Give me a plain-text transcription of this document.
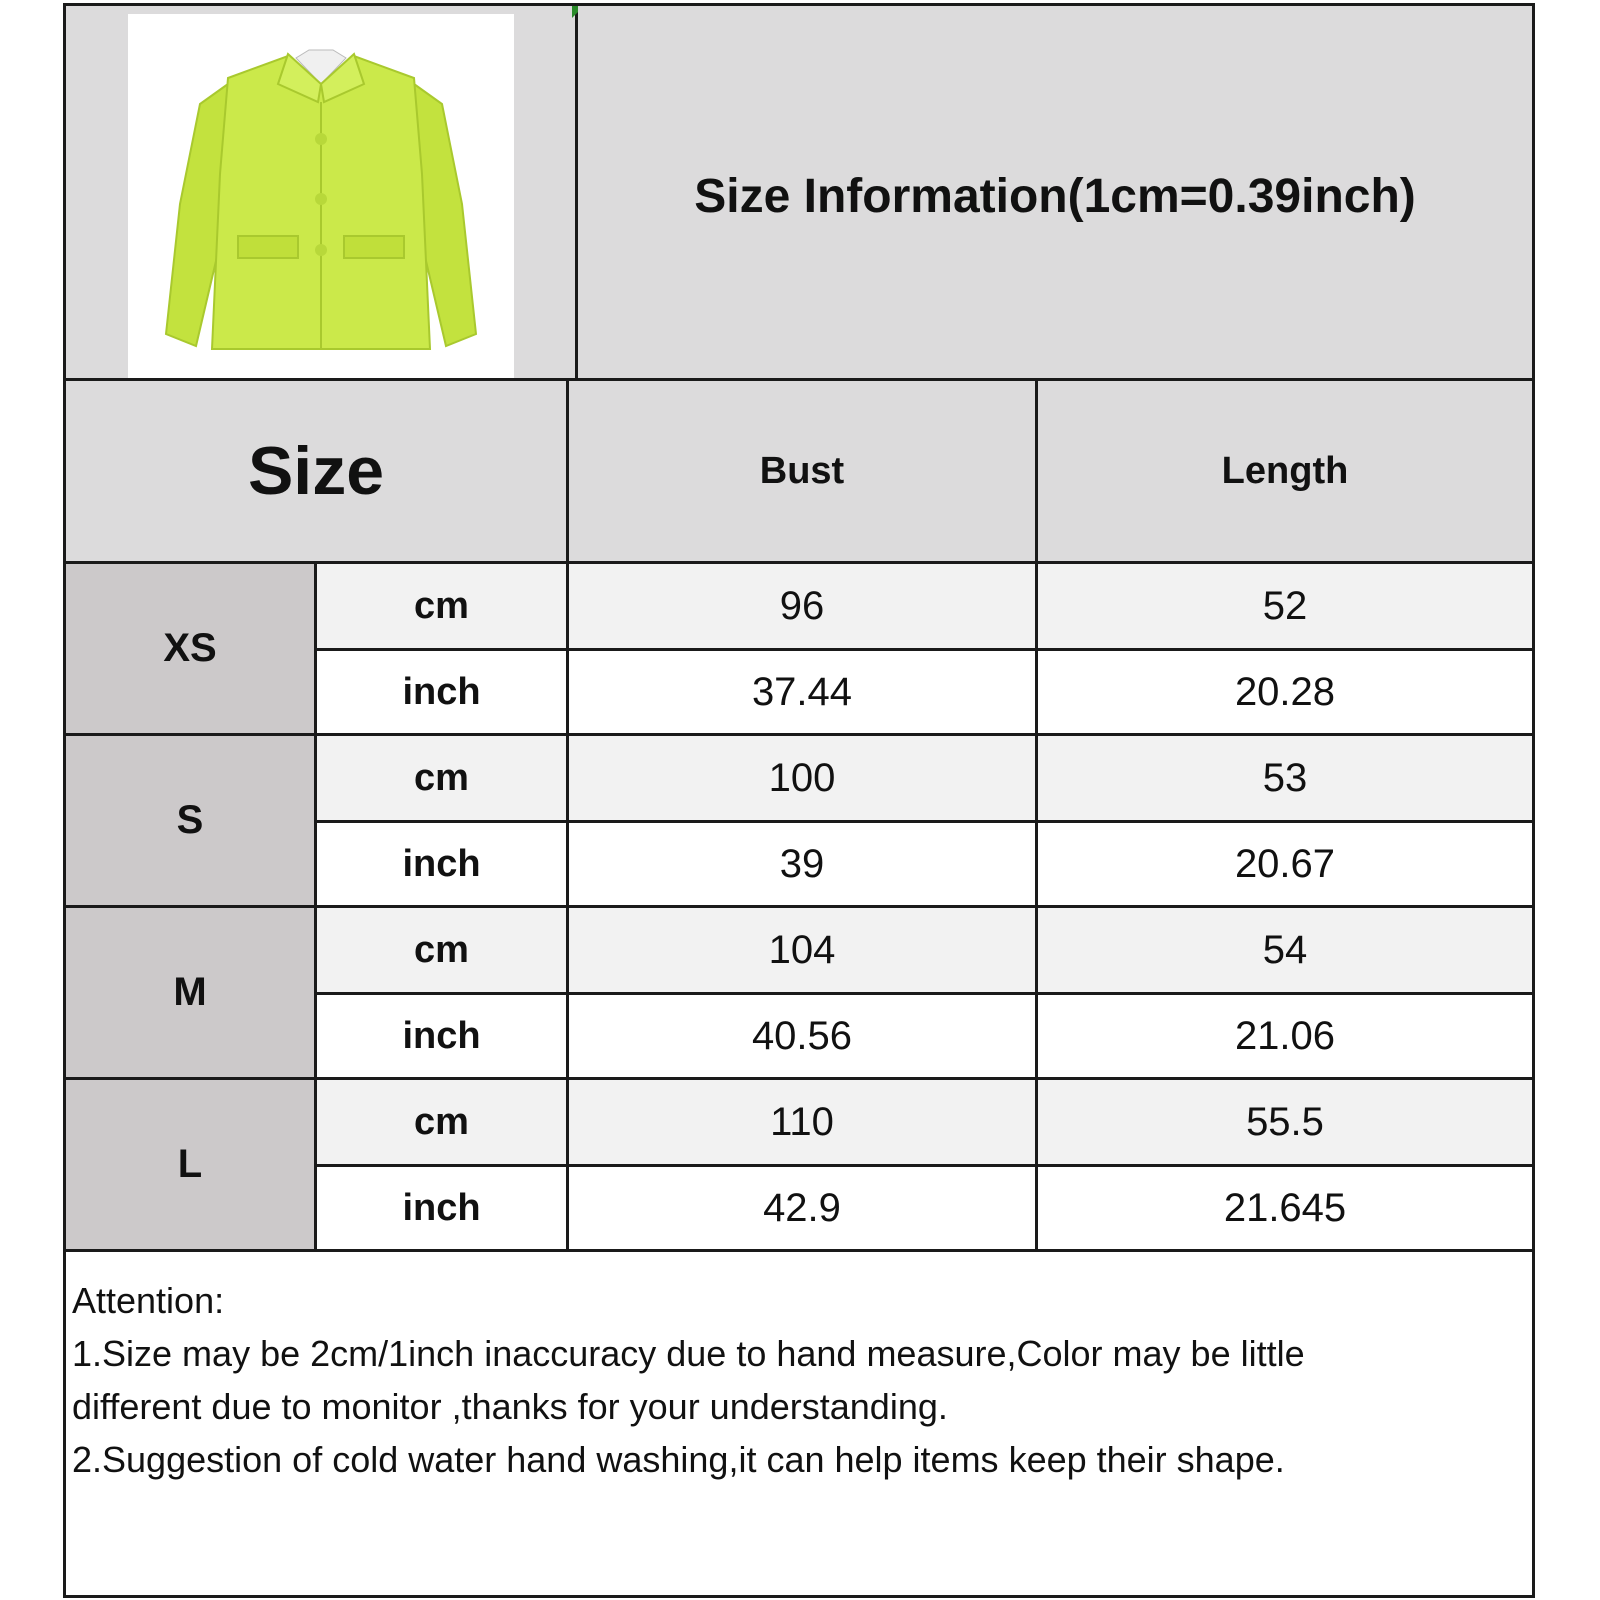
Size Information(1cm=0.39inch)
Size	Bust	Length
XS
cm	96	52
inch	37.44	20.28
S
cm	100	53
inch	39	20.67
M
cm	104	54
inch	40.56	21.06
L
cm	110	55.5
inch	42.9	21.645
Attention:
1.Size may be 2cm/1inch inaccuracy due to hand measure,Color may be little
different due to monitor ,thanks for your understanding.
2.Suggestion of cold water hand washing,it can help items keep their shape.
